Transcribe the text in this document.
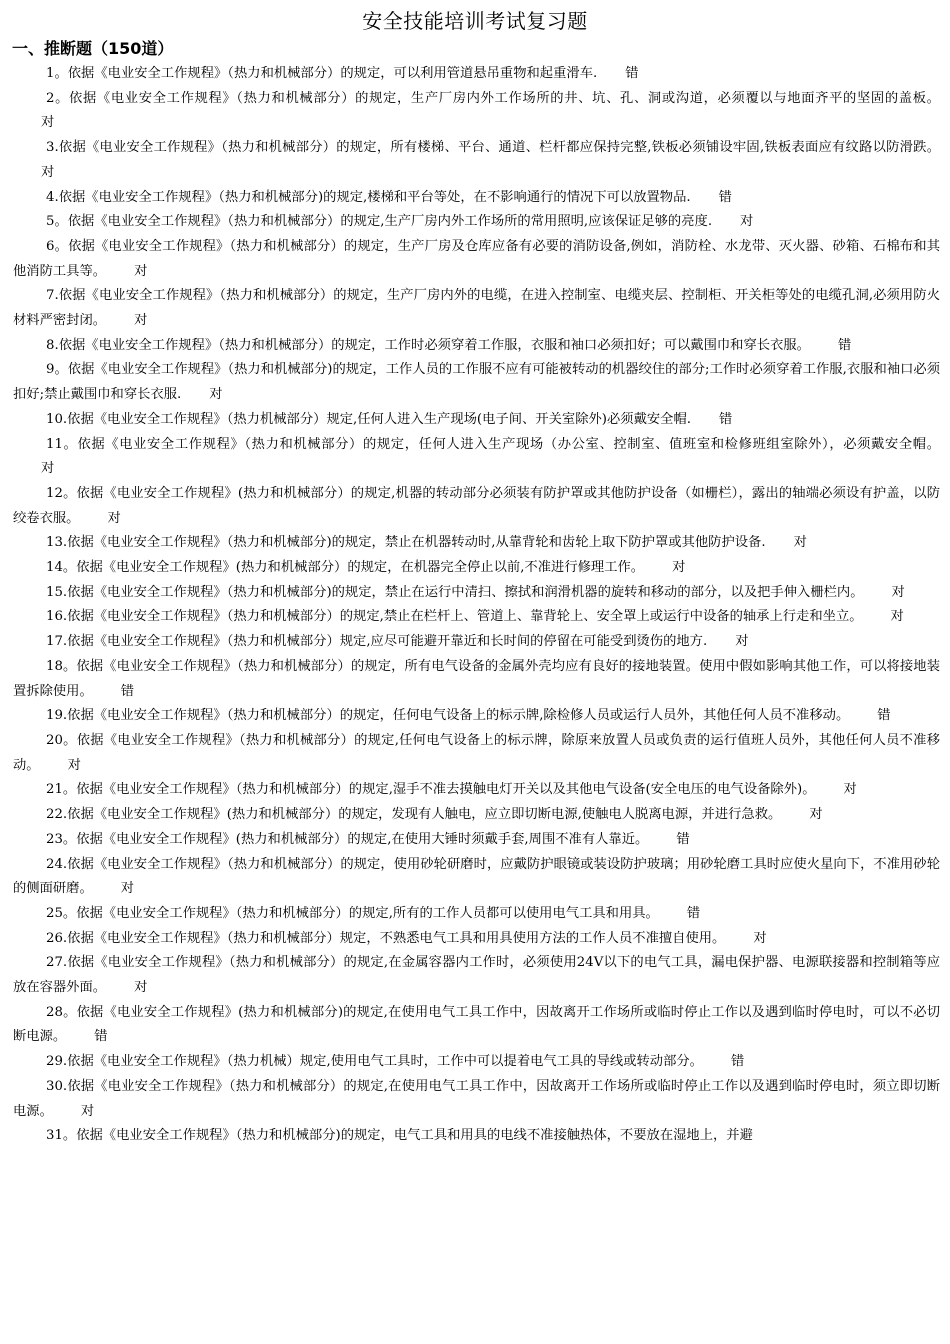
安全技能培训考试复习题
一、推断题（150道）
1。依据《电业安全工作规程》（热力和机械部分）的规定，可以利用管道悬吊重物和起重滑车. 错
2。依据《电业安全工作规程》（热力和机械部分）的规定，生产厂房内外工作场所的井、坑、孔、洞或沟道，必须覆以与地面齐平的坚固的盖板。对
3.依据《电业安全工作规程》（热力和机械部分）的规定，所有楼梯、平台、通道、栏杆都应保持完整,铁板必须铺设牢固,铁板表面应有纹路以防滑跌。对
4.依据《电业安全工作规程》（热力和机械部分)的规定,楼梯和平台等处，在不影响通行的情况下可以放置物品. 错
5。依据《电业安全工作规程》（热力和机械部分）的规定,生产厂房内外工作场所的常用照明,应该保证足够的亮度. 对
6。依据《电业安全工作规程》（热力和机械部分）的规定，生产厂房及仓库应备有必要的消防设备,例如，消防栓、水龙带、灭火器、砂箱、石棉布和其他消防工具等。 对
7.依据《电业安全工作规程》（热力和机械部分）的规定，生产厂房内外的电缆，在进入控制室、电缆夹层、控制柜、开关柜等处的电缆孔洞,必须用防火材料严密封闭。 对
8.依据《电业安全工作规程》（热力和机械部分）的规定，工作时必须穿着工作服，衣服和袖口必须扣好；可以戴围巾和穿长衣服。 错
9。依据《电业安全工作规程》（热力和机械部分)的规定，工作人员的工作服不应有可能被转动的机器绞住的部分;工作时必须穿着工作服,衣服和袖口必须扣好;禁止戴围巾和穿长衣服. 对
10.依据《电业安全工作规程》（热力机械部分）规定,任何人进入生产现场(电子间、开关室除外)必须戴安全帽. 错
11。依据《电业安全工作规程》（热力和机械部分）的规定，任何人进入生产现场（办公室、控制室、值班室和检修班组室除外），必须戴安全帽。对
12。依据《电业安全工作规程》(热力和机械部分）的规定,机器的转动部分必须装有防护罩或其他防护设备（如栅栏），露出的轴端必须设有护盖，以防绞卷衣服。 对
13.依据《电业安全工作规程》（热力和机械部分)的规定，禁止在机器转动时,从靠背轮和齿轮上取下防护罩或其他防护设备. 对
14。依据《电业安全工作规程》(热力和机械部分）的规定，在机器完全停止以前,不准进行修理工作。 对
15.依据《电业安全工作规程》（热力和机械部分)的规定，禁止在运行中清扫、擦拭和润滑机器的旋转和移动的部分，以及把手伸入栅栏内。 对
16.依据《电业安全工作规程》（热力和机械部分）的规定,禁止在栏杆上、管道上、靠背轮上、安全罩上或运行中设备的轴承上行走和坐立。 对
17.依据《电业安全工作规程》（热力和机械部分）规定,应尽可能避开靠近和长时间的停留在可能受到烫伤的地方. 对
18。依据《电业安全工作规程》（热力和机械部分）的规定，所有电气设备的金属外壳均应有良好的接地装置。使用中假如影响其他工作，可以将接地装置拆除使用。 错
19.依据《电业安全工作规程》（热力和机械部分）的规定，任何电气设备上的标示牌,除检修人员或运行人员外，其他任何人员不准移动。 错
20。依据《电业安全工作规程》（热力和机械部分）的规定,任何电气设备上的标示牌，除原来放置人员或负责的运行值班人员外，其他任何人员不准移动。 对
21。依据《电业安全工作规程》（热力和机械部分）的规定,湿手不准去摸触电灯开关以及其他电气设备(安全电压的电气设备除外)。 对
22.依据《电业安全工作规程》(热力和机械部分）的规定，发现有人触电，应立即切断电源,使触电人脱离电源，并进行急救。 对
23。依据《电业安全工作规程》(热力和机械部分）的规定,在使用大锤时须戴手套,周围不准有人靠近。 错
24.依据《电业安全工作规程》（热力和机械部分）的规定，使用砂轮研磨时，应戴防护眼镜或装设防护玻璃；用砂轮磨工具时应使火星向下，不准用砂轮的侧面研磨。 对
25。依据《电业安全工作规程》（热力和机械部分）的规定,所有的工作人员都可以使用电气工具和用具。 错
26.依据《电业安全工作规程》（热力和机械部分）规定，不熟悉电气工具和用具使用方法的工作人员不准擅自使用。 对
27.依据《电业安全工作规程》（热力和机械部分）的规定,在金属容器内工作时，必须使用24V以下的电气工具，漏电保护器、电源联接器和控制箱等应放在容器外面。 对
28。依据《电业安全工作规程》(热力和机械部分)的规定,在使用电气工具工作中，因故离开工作场所或临时停止工作以及遇到临时停电时，可以不必切断电源。 错
29.依据《电业安全工作规程》（热力机械）规定,使用电气工具时，工作中可以提着电气工具的导线或转动部分。 错
30.依据《电业安全工作规程》（热力和机械部分）的规定,在使用电气工具工作中，因故离开工作场所或临时停止工作以及遇到临时停电时，须立即切断电源。 对
31。依据《电业安全工作规程》（热力和机械部分)的规定，电气工具和用具的电线不准接触热体，不要放在湿地上，并避
